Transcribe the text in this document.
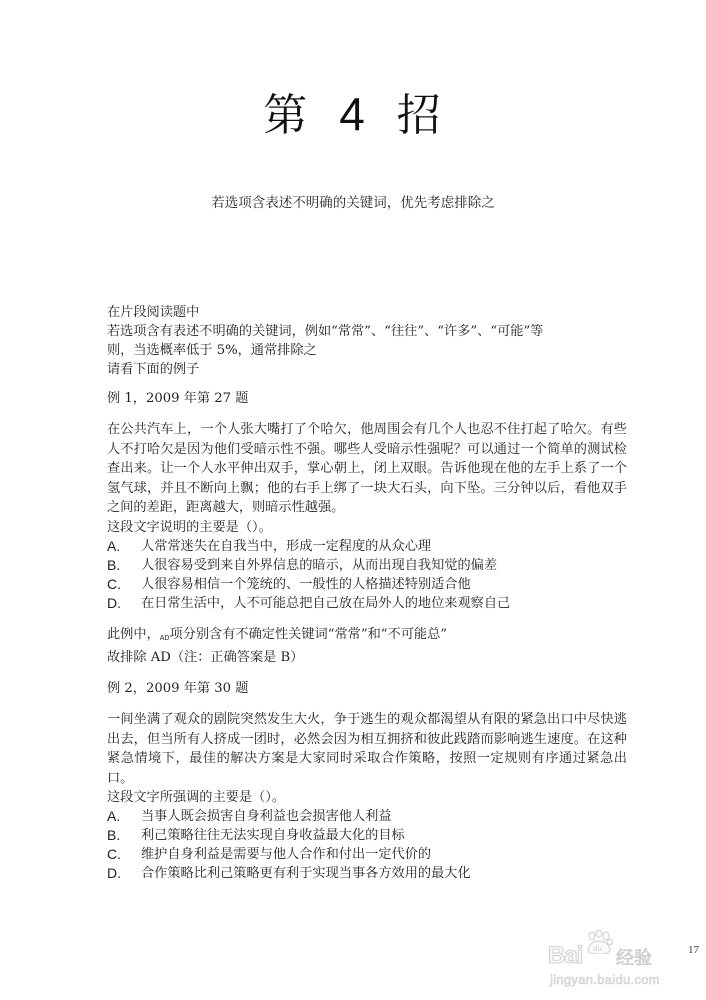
第 4 招
若选项含表述不明确的关键词，优先考虑排除之
在片段阅读题中
若选项含有表述不明确的关键词，例如“常常”、“往往”、“许多”、“可能”等
则，当选概率低于 5%，通常排除之
请看下面的例子
例 1，2009 年第 27 题
在公共汽车上，一个人张大嘴打了个哈欠，他周围会有几个人也忍不住打起了哈欠。有些人不打哈欠是因为他们受暗示性不强。哪些人受暗示性强呢？可以通过一个简单的测试检查出来。让一个人水平伸出双手，掌心朝上，闭上双眼。告诉他现在他的左手上系了一个氢气球，并且不断向上飘；他的右手上绑了一块大石头，向下坠。三分钟以后，看他双手之间的差距，距离越大，则暗示性越强。
这段文字说明的主要是（）。
A.	人常常迷失在自我当中，形成一定程度的从众心理
B.	人很容易受到来自外界信息的暗示，从而出现自我知觉的偏差
C.	人很容易相信一个笼统的、一般性的人格描述特别适合他
D.	在日常生活中，人不可能总把自己放在局外人的地位来观察自己
此例中，$_{AD}$项分别含有不确定性关键词“常常”和“不可能总”
故排除 AD（注：正确答案是 B）
例 2，2009 年第 30 题
一间坐满了观众的剧院突然发生大火，争于逃生的观众都渴望从有限的紧急出口中尽快逃出去，但当所有人挤成一团时，必然会因为相互拥挤和彼此践踏而影响逃生速度。在这种紧急情境下，最佳的解决方案是大家同时采取合作策略，按照一定规则有序通过紧急出口。
这段文字所强调的主要是（）。
A.	当事人既会损害自身利益也会损害他人利益
B.	利己策略往往无法实现自身收益最大化的目标
C.	维护自身利益是需要与他人合作和付出一定代价的
D.	合作策略比利己策略更有利于实现当事各方效用的最大化
Bai du 经验
jingyan.baidu.com
17
